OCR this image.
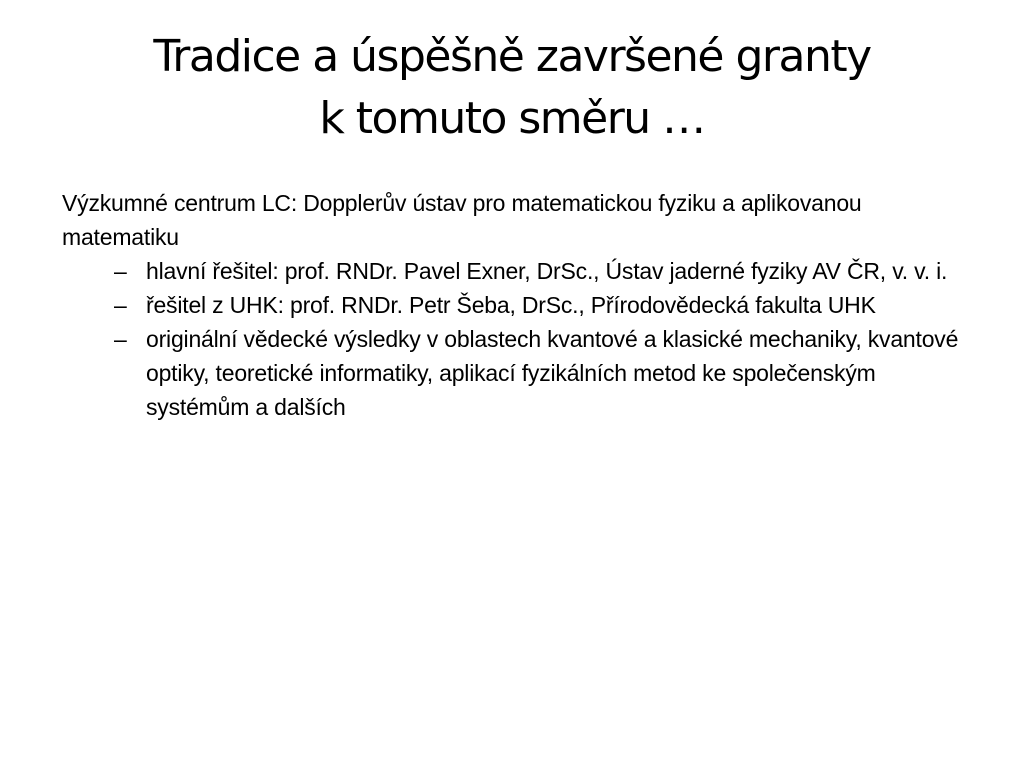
Tradice a úspěšně završené granty
k tomuto směru …

Výzkumné centrum LC: Dopplerův ústav pro matematickou fyziku a aplikovanou matematiku

– hlavní řešitel: prof. RNDr. Pavel Exner, DrSc., Ústav jaderné fyziky AV ČR, v. v. i.
– řešitel z UHK: prof. RNDr. Petr Šeba, DrSc., Přírodovědecká fakulta UHK
– originální vědecké výsledky v oblastech kvantové a klasické mechaniky, kvantové optiky, teoretické informatiky, aplikací fyzikálních metod ke společenským systémům a dalších
